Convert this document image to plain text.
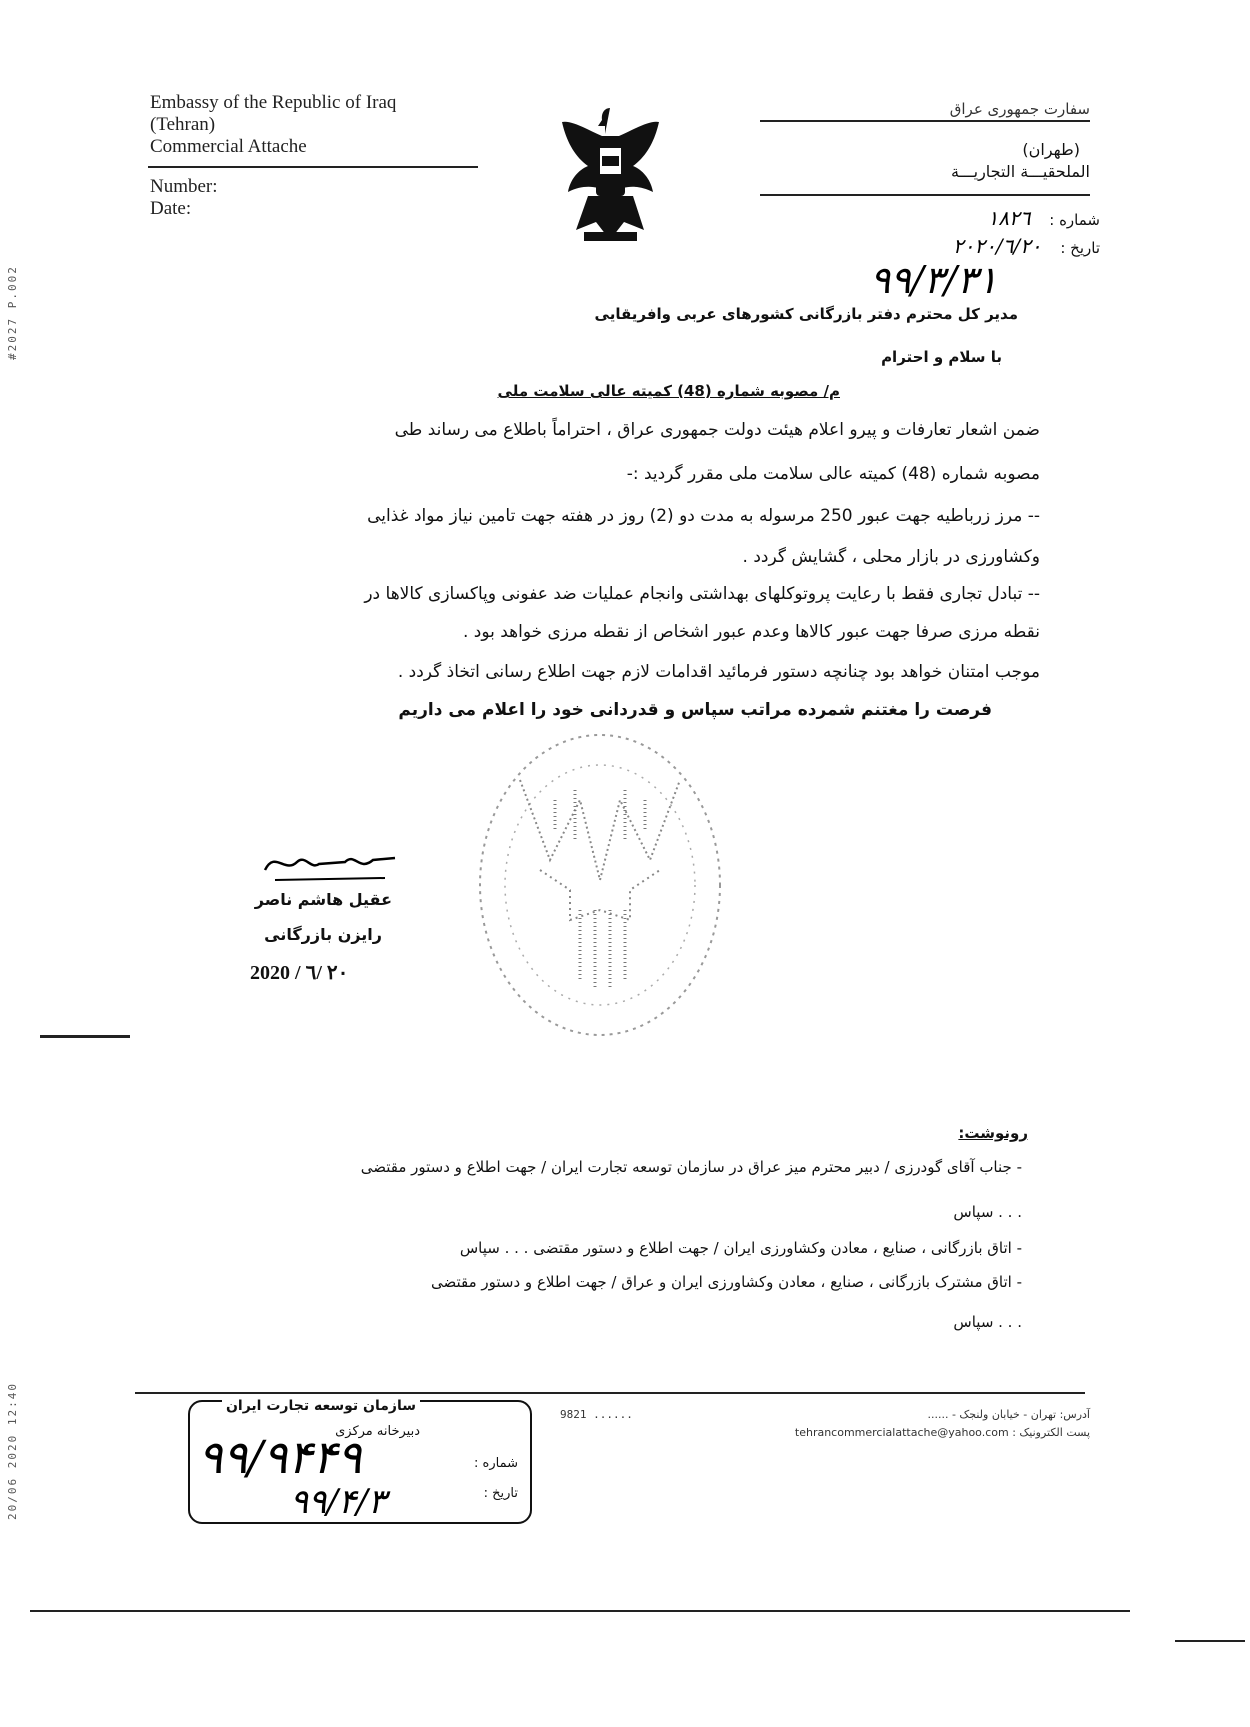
#2027 P.002
20/06 2020 12:40
Embassy of the Republic of Iraq
(Tehran)
Commercial Attache
Number:
Date:
سفارت جمهوری عراق
(طهران)
الملحقيـــة التجاريـــة
شماره : ۱۸۲٦
تاريخ : ۲۰۲۰/٦/۲۰
۹۹/۳/۳۱
مدير کل محترم دفتر بازرگانی کشورهای عربی وافريقايی
با سلام و احترام
م/ مصوبه شماره (48) کميته عالی سلامت ملی
ضمن اشعار تعارفات و پيرو اعلام هيئت دولت جمهوری عراق ، احتراماً باطلاع می رساند طی
مصوبه شماره (48) کميته عالی سلامت ملی مقرر گرديد :-
-- مرز زرباطيه جهت عبور 250 مرسوله به مدت دو (2) روز در هفته جهت تامين نياز مواد غذايی
وکشاورزی در بازار محلی ، گشايش گردد .
-- تبادل تجاری فقط با رعايت پروتوکلهای بهداشتی وانجام عمليات ضد عفونی وپاکسازی کالاها در
نقطه مرزی صرفا جهت عبور کالاها وعدم عبور اشخاص از نقطه مرزی خواهد بود .
موجب امتنان خواهد بود چنانچه دستور فرمائيد اقدامات لازم جهت اطلاع رسانی اتخاذ گردد .
فرصت را مغتنم شمرده مراتب سپاس و قدردانی خود را اعلام می داريم
عقيل هاشم ناصر
رايزن بازرگانی
2020 / ٦/ ۲۰
رونوشت:
- جناب آقای گودرزی / دبير محترم ميز عراق در سازمان توسعه تجارت ايران / جهت اطلاع و دستور مقتضی
. . . سپاس
- اتاق بازرگانی ، صنايع ، معادن وکشاورزی ايران / جهت اطلاع و دستور مقتضی . . . سپاس
- اتاق مشترک بازرگانی ، صنايع ، معادن وکشاورزی ايران و عراق / جهت اطلاع و دستور مقتضی
. . . سپاس
آدرس: تهران - خيابان ولنجک - ......
پست الکترونيک : tehrancommercialattache@yahoo.com
9821 ......
سازمان توسعه تجارت ايران
دبيرخانه مرکزی
شماره :
تاريخ :
۹۹/۹۴۴۹
۹۹/۴/۳
